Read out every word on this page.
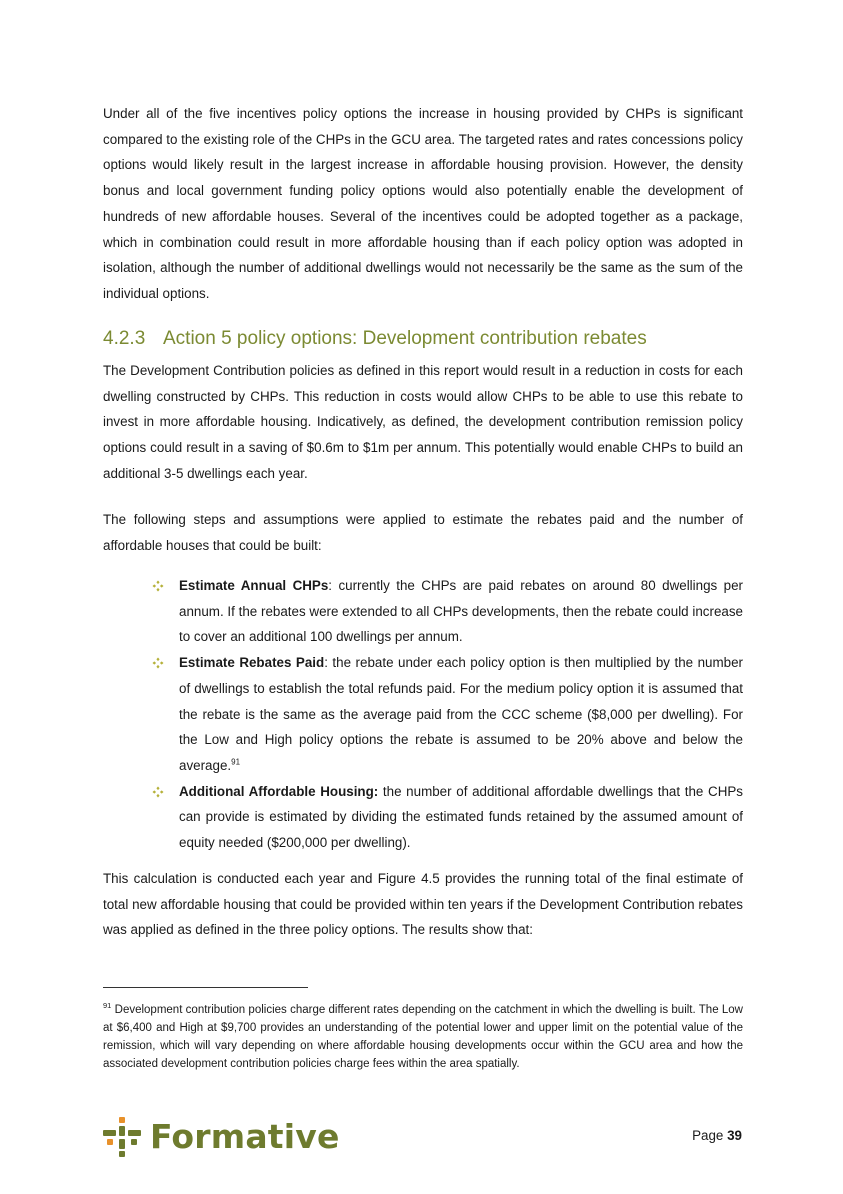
Under all of the five incentives policy options the increase in housing provided by CHPs is significant compared to the existing role of the CHPs in the GCU area. The targeted rates and rates concessions policy options would likely result in the largest increase in affordable housing provision. However, the density bonus and local government funding policy options would also potentially enable the development of hundreds of new affordable houses. Several of the incentives could be adopted together as a package, which in combination could result in more affordable housing than if each policy option was adopted in isolation, although the number of additional dwellings would not necessarily be the same as the sum of the individual options.

4.2.3 Action 5 policy options: Development contribution rebates

The Development Contribution policies as defined in this report would result in a reduction in costs for each dwelling constructed by CHPs. This reduction in costs would allow CHPs to be able to use this rebate to invest in more affordable housing. Indicatively, as defined, the development contribution remission policy options could result in a saving of $0.6m to $1m per annum. This potentially would enable CHPs to build an additional 3-5 dwellings each year.

The following steps and assumptions were applied to estimate the rebates paid and the number of affordable houses that could be built:

Estimate Annual CHPs: currently the CHPs are paid rebates on around 80 dwellings per annum. If the rebates were extended to all CHPs developments, then the rebate could increase to cover an additional 100 dwellings per annum.
Estimate Rebates Paid: the rebate under each policy option is then multiplied by the number of dwellings to establish the total refunds paid. For the medium policy option it is assumed that the rebate is the same as the average paid from the CCC scheme ($8,000 per dwelling). For the Low and High policy options the rebate is assumed to be 20% above and below the average.$^{91}$
Additional Affordable Housing: the number of additional affordable dwellings that the CHPs can provide is estimated by dividing the estimated funds retained by the assumed amount of equity needed ($200,000 per dwelling).

This calculation is conducted each year and Figure 4.5 provides the running total of the final estimate of total new affordable housing that could be provided within ten years if the Development Contribution rebates was applied as defined in the three policy options. The results show that:

$^{91}$ Development contribution policies charge different rates depending on the catchment in which the dwelling is built. The Low at $6,400 and High at $9,700 provides an understanding of the potential lower and upper limit on the potential value of the remission, which will vary depending on where affordable housing developments occur within the GCU area and how the associated development contribution policies charge fees within the area spatially.

Formative	Page 39
